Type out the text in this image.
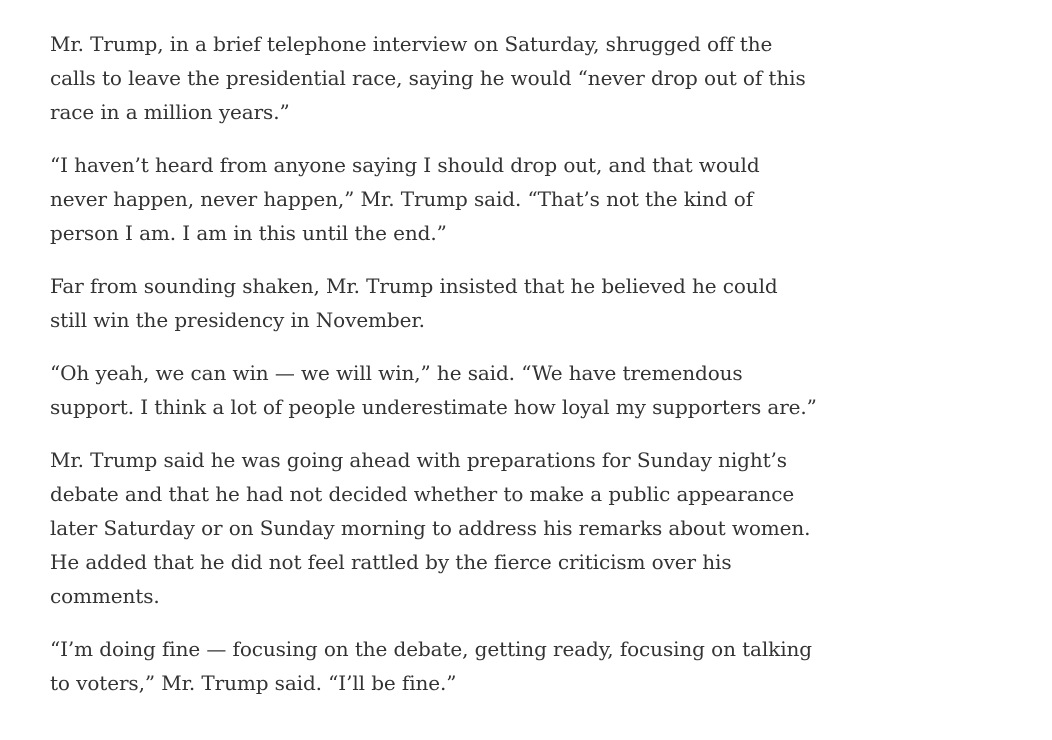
Mr. Trump, in a brief telephone interview on Saturday, shrugged off the
calls to leave the presidential race, saying he would “never drop out of this
race in a million years.”

“I haven’t heard from anyone saying I should drop out, and that would
never happen, never happen,” Mr. Trump said. “That’s not the kind of
person I am. I am in this until the end.”

Far from sounding shaken, Mr. Trump insisted that he believed he could
still win the presidency in November.

“Oh yeah, we can win — we will win,” he said. “We have tremendous
support. I think a lot of people underestimate how loyal my supporters are.”

Mr. Trump said he was going ahead with preparations for Sunday night’s
debate and that he had not decided whether to make a public appearance
later Saturday or on Sunday morning to address his remarks about women.
He added that he did not feel rattled by the fierce criticism over his
comments.

“I’m doing fine — focusing on the debate, getting ready, focusing on talking
to voters,” Mr. Trump said. “I’ll be fine.”
